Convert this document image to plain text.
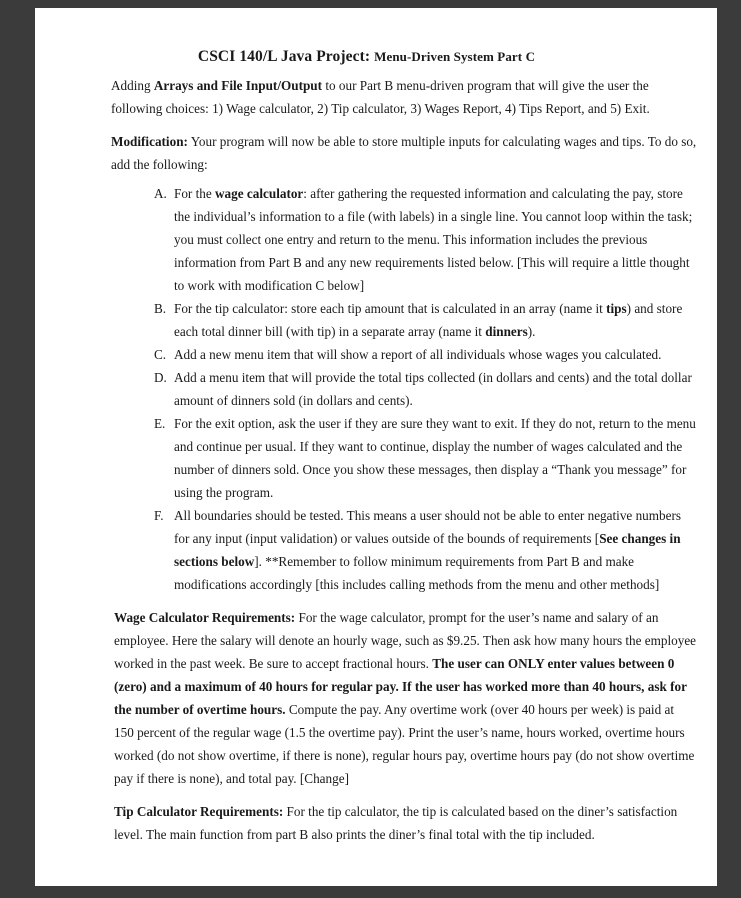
CSCI 140/L Java Project: Menu-Driven System Part C

Adding Arrays and File Input/Output to our Part B menu-driven program that will give the user the following choices: 1) Wage calculator, 2) Tip calculator, 3) Wages Report, 4) Tips Report, and 5) Exit.

Modification: Your program will now be able to store multiple inputs for calculating wages and tips. To do so, add the following:

A. For the wage calculator: after gathering the requested information and calculating the pay, store the individual’s information to a file (with labels) in a single line. You cannot loop within the task; you must collect one entry and return to the menu. This information includes the previous information from Part B and any new requirements listed below. [This will require a little thought to work with modification C below]
B. For the tip calculator: store each tip amount that is calculated in an array (name it tips) and store each total dinner bill (with tip) in a separate array (name it dinners).
C. Add a new menu item that will show a report of all individuals whose wages you calculated.
D. Add a menu item that will provide the total tips collected (in dollars and cents) and the total dollar amount of dinners sold (in dollars and cents).
E. For the exit option, ask the user if they are sure they want to exit. If they do not, return to the menu and continue per usual. If they want to continue, display the number of wages calculated and the number of dinners sold. Once you show these messages, then display a “Thank you message” for using the program.
F. All boundaries should be tested. This means a user should not be able to enter negative numbers for any input (input validation) or values outside of the bounds of requirements [See changes in sections below]. **Remember to follow minimum requirements from Part B and make modifications accordingly [this includes calling methods from the menu and other methods]

Wage Calculator Requirements: For the wage calculator, prompt for the user’s name and salary of an employee. Here the salary will denote an hourly wage, such as $9.25. Then ask how many hours the employee worked in the past week. Be sure to accept fractional hours. The user can ONLY enter values between 0 (zero) and a maximum of 40 hours for regular pay. If the user has worked more than 40 hours, ask for the number of overtime hours. Compute the pay. Any overtime work (over 40 hours per week) is paid at 150 percent of the regular wage (1.5 the overtime pay). Print the user’s name, hours worked, overtime hours worked (do not show overtime, if there is none), regular hours pay, overtime hours pay (do not show overtime pay if there is none), and total pay. [Change]

Tip Calculator Requirements: For the tip calculator, the tip is calculated based on the diner’s satisfaction level. The main function from part B also prints the diner’s final total with the tip included.
